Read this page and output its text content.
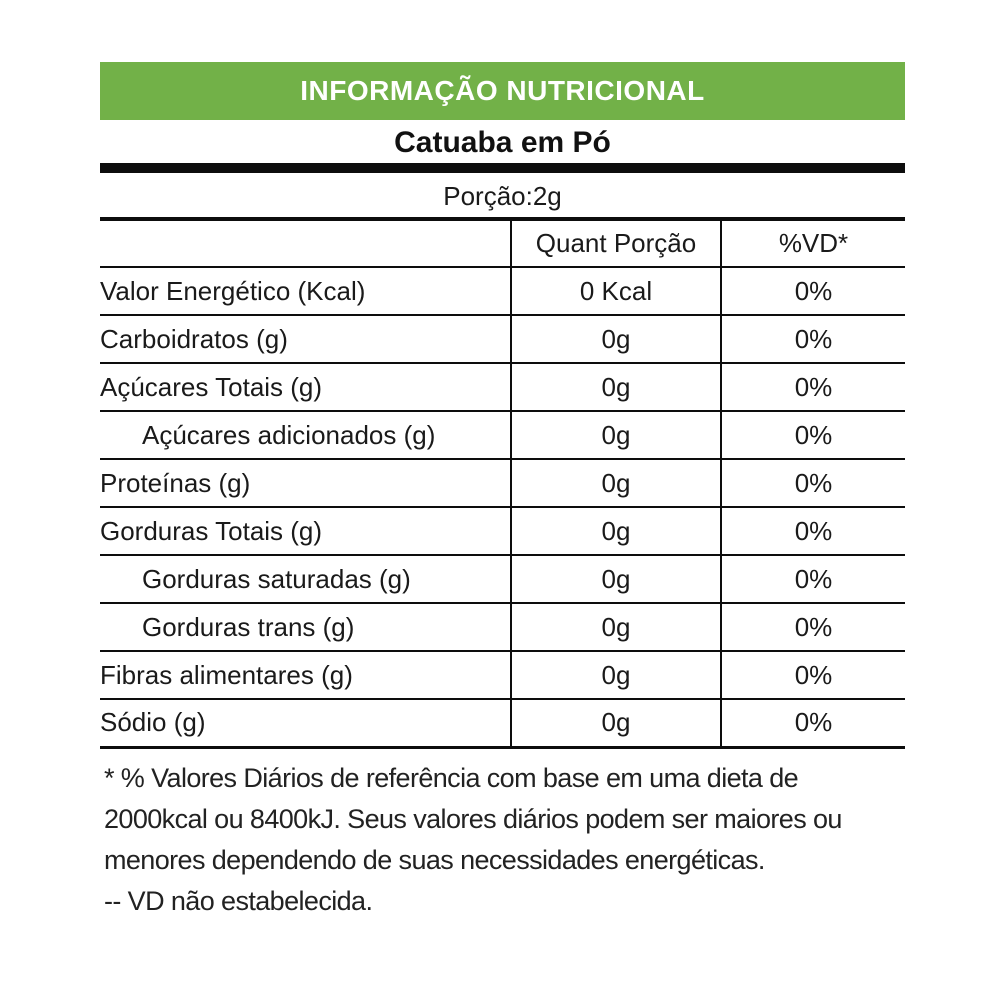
INFORMAÇÃO NUTRICIONAL
Catuaba em Pó
Porção:2g
	Quant Porção	%VD*
Valor Energético (Kcal)	0 Kcal	0%
Carboidratos (g)	0g	0%
Açúcares Totais (g)	0g	0%
Açúcares adicionados (g)	0g	0%
Proteínas (g)	0g	0%
Gorduras Totais (g)	0g	0%
Gorduras saturadas (g)	0g	0%
Gorduras trans (g)	0g	0%
Fibras alimentares (g)	0g	0%
Sódio (g)	0g	0%
* % Valores Diários de referência com base em uma dieta de
2000kcal ou 8400kJ. Seus valores diários podem ser maiores ou
menores dependendo de suas necessidades energéticas.
-- VD não estabelecida.
